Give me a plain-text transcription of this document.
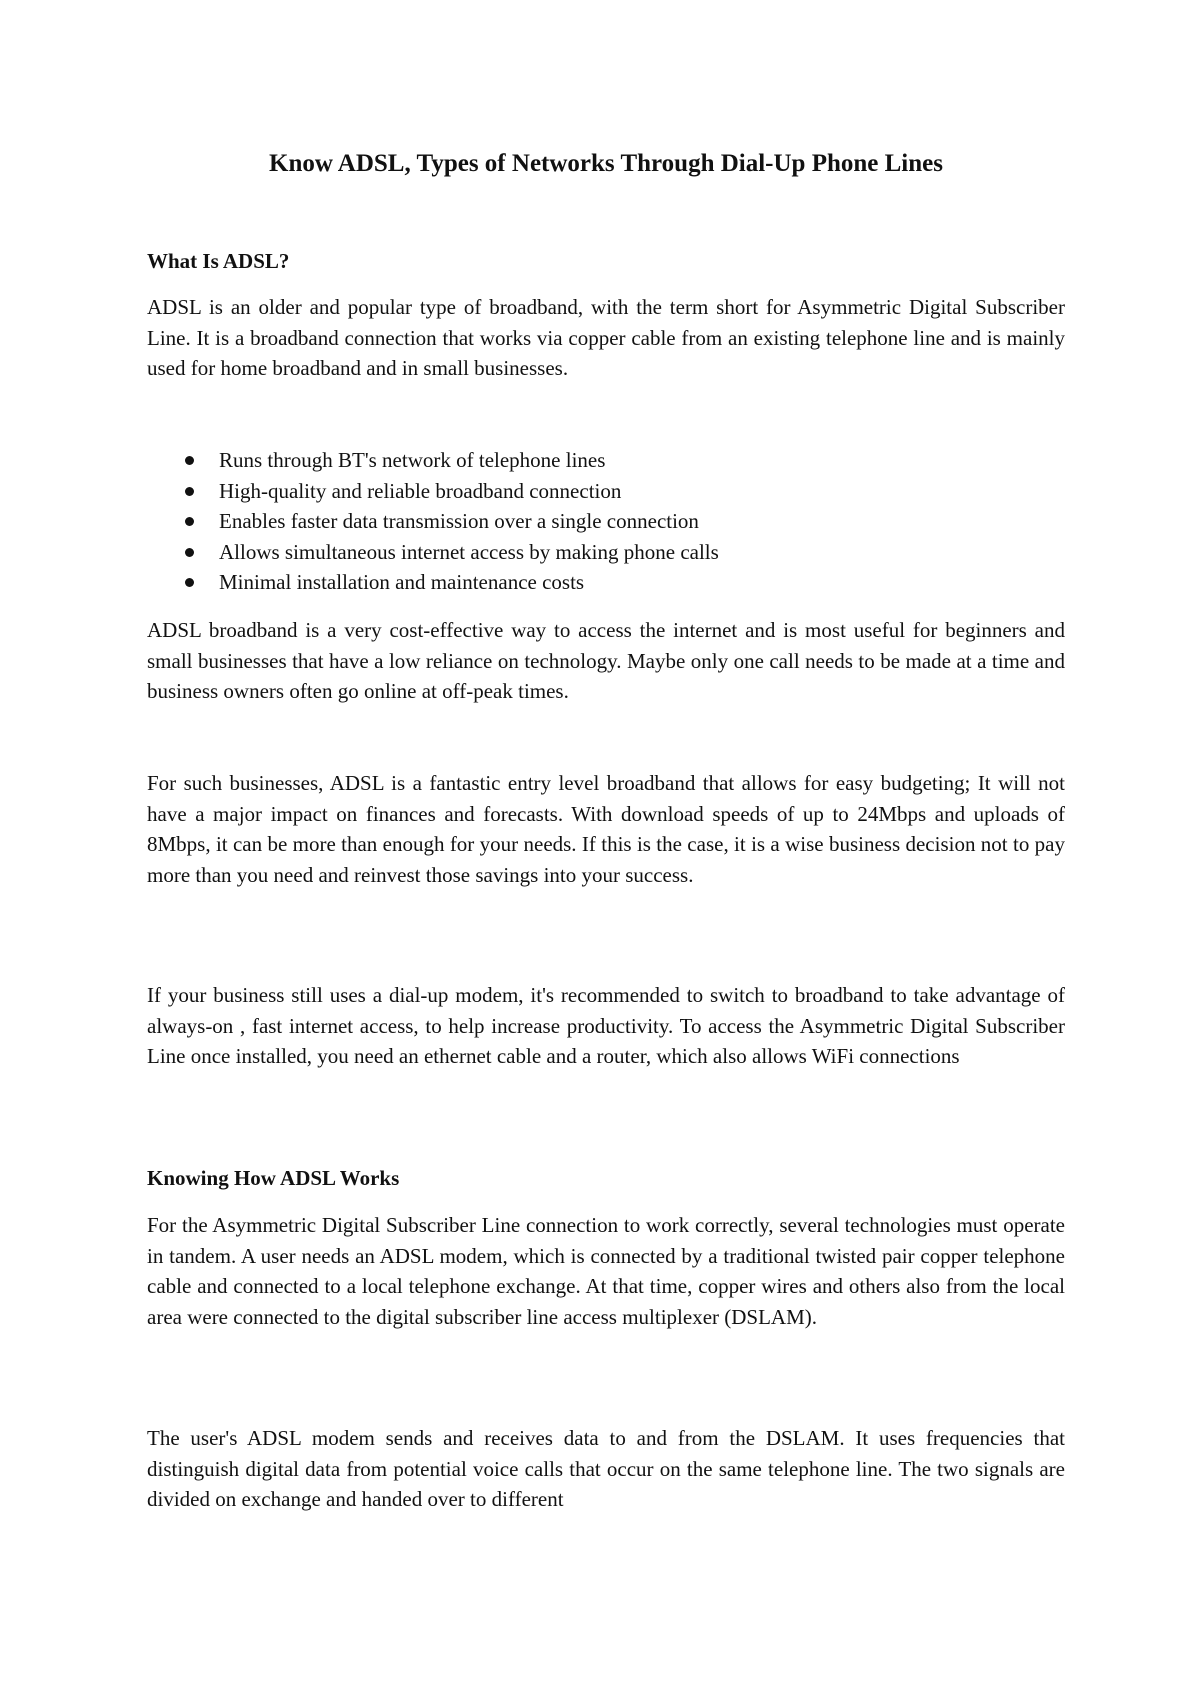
Know ADSL, Types of Networks Through Dial-Up Phone Lines
What Is ADSL?

ADSL is an older and popular type of broadband, with the term short for Asymmetric Digital Subscriber Line. It is a broadband connection that works via copper cable from an existing telephone line and is mainly used for home broadband and in small businesses.

Runs through BT's network of telephone lines
High-quality and reliable broadband connection
Enables faster data transmission over a single connection
Allows simultaneous internet access by making phone calls
Minimal installation and maintenance costs

ADSL broadband is a very cost-effective way to access the internet and is most useful for beginners and small businesses that have a low reliance on technology. Maybe only one call needs to be made at a time and business owners often go online at off-peak times.

For such businesses, ADSL is a fantastic entry level broadband that allows for easy budgeting; It will not have a major impact on finances and forecasts. With download speeds of up to 24Mbps and uploads of 8Mbps, it can be more than enough for your needs. If this is the case, it is a wise business decision not to pay more than you need and reinvest those savings into your success.

If your business still uses a dial-up modem, it's recommended to switch to broadband to take advantage of always-on , fast internet access, to help increase productivity. To access the Asymmetric Digital Subscriber Line once installed, you need an ethernet cable and a router, which also allows WiFi connections

Knowing How ADSL Works

For the Asymmetric Digital Subscriber Line connection to work correctly, several technologies must operate in tandem. A user needs an ADSL modem, which is connected by a traditional twisted pair copper telephone cable and connected to a local telephone exchange. At that time, copper wires and others also from the local area were connected to the digital subscriber line access multiplexer (DSLAM).

The user's ADSL modem sends and receives data to and from the DSLAM. It uses frequencies that distinguish digital data from potential voice calls that occur on the same telephone line. The two signals are divided on exchange and handed over to different
